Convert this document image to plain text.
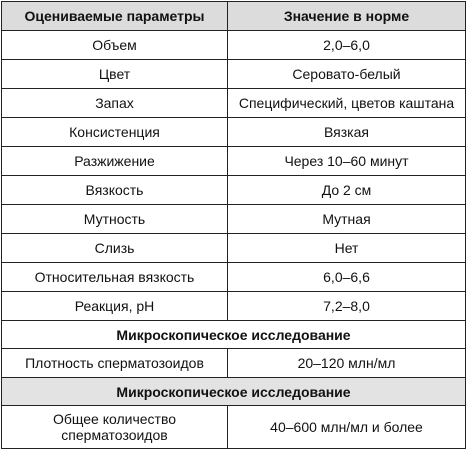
Оцениваемые параметры	Значение в норме
Объем	2,0–6,0
Цвет	Серовато-белый
Запах	Специфический, цветов каштана
Консистенция	Вязкая
Разжижение	Через 10–60 минут
Вязкость	До 2 см
Мутность	Мутная
Слизь	Нет
Относительная вязкость	6,0–6,6
Реакция, рН	7,2–8,0
Микроскопическое исследование	
Плотность сперматозоидов	20–120 млн/мл
Микроскопическое исследование	
Общее количество сперматозоидов	40–600 млн/мл и более
